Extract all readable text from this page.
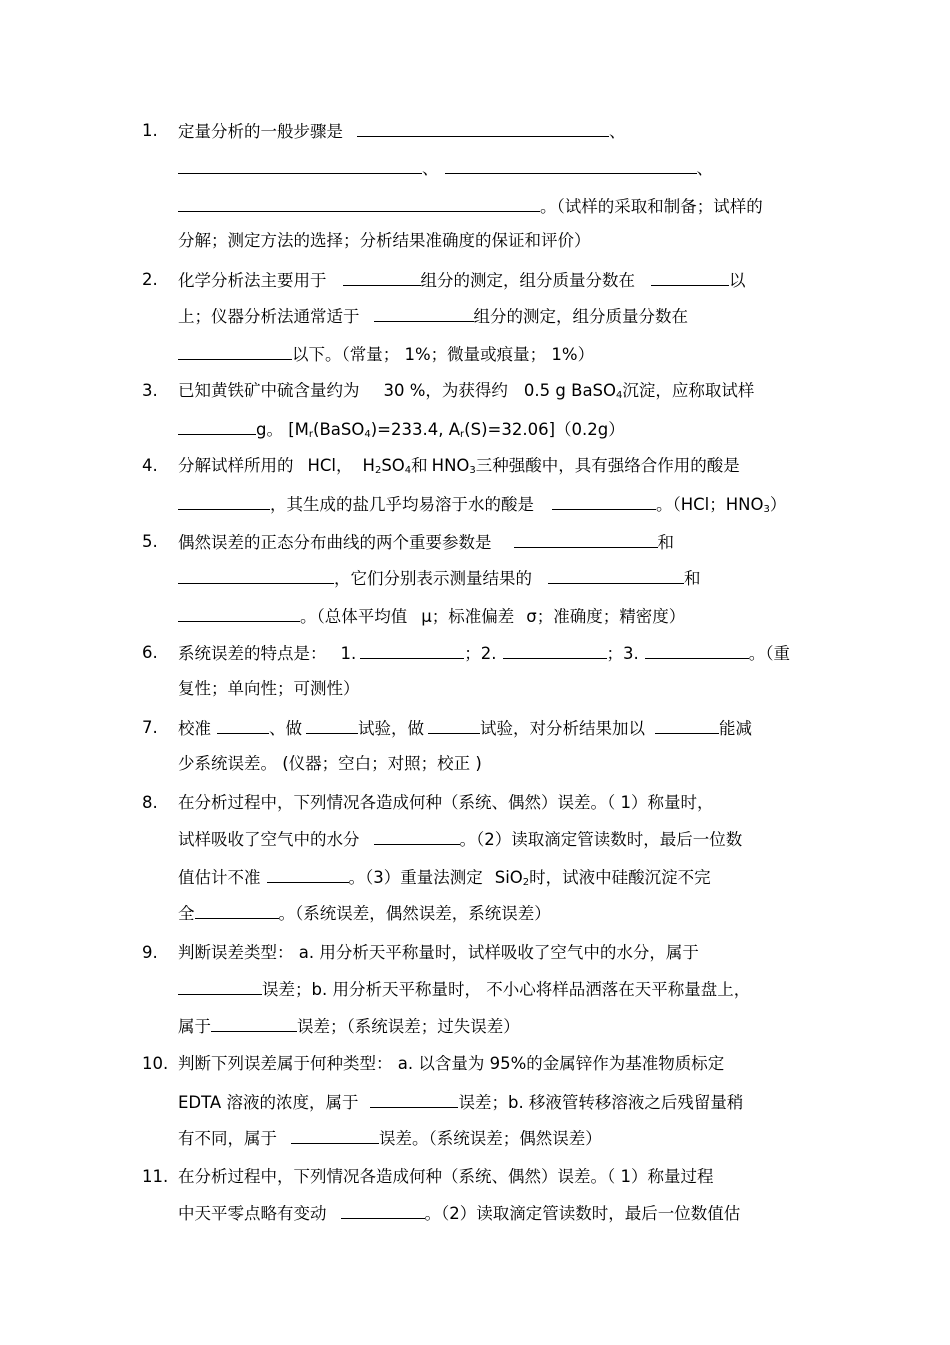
1. 定量分析的一般步骤是	、
、	、
。（试样的采取和制备；试样的
分解；测定方法的选择；分析结果准确度的保证和评价）
2. 化学分析法主要用于	组分的测定，组分质量分数在	以
上；仪器分析法通常适于	组分的测定，组分质量分数在
以下。（常量； 1%；微量或痕量； 1%）
3. 已知黄铁矿中硫含量约为 30 %，为获得约 0.5 g BaSO$_4$沉淀，应称取试样
g。 [$M_r(BaSO_4)=233.4$, $A_r(S)=32.06](0.2g)$
4. 分解试样所用的 HCl， $H_2SO_4$和 $HNO_3$三种强酸中，具有强络合作用的酸是
，其生成的盐几乎均易溶于水的酸是	。（HCl；$HNO_3$）
5. 偶然误差的正态分布曲线的两个重要参数是	和
，它们分别表示测量结果的	和
。（总体平均值 μ；标准偏差 σ；准确度；精密度）
6. 系统误差的特点是： 1.	；2.	；3.	。（重
复性；单向性；可测性）
7. 校准	、做	试验，做	试验，对分析结果加以	能减
少系统误差。 (仪器；空白；对照；校正 )
8. 在分析过程中，下列情况各造成何种（系统、偶然）误差。（ 1）称量时，
试样吸收了空气中的水分	。（2）读取滴定管读数时，最后一位数
值估计不准	。（3）重量法测定 SiO$_2$时，试液中硅酸沉淀不完
全	。（系统误差，偶然误差，系统误差）
9. 判断误差类型： a. 用分析天平称量时，试样吸收了空气中的水分，属于
误差；b. 用分析天平称量时， 不小心将样品洒落在天平称量盘上，
属于	误差；（系统误差；过失误差）
10. 判断下列误差属于何种类型： a. 以含量为 95%的金属锌作为基准物质标定
EDTA 溶液的浓度，属于	误差；b. 移液管转移溶液之后残留量稍
有不同，属于	误差。（系统误差；偶然误差）
11. 在分析过程中，下列情况各造成何种（系统、偶然）误差。（ 1）称量过程
中天平零点略有变动	。（2）读取滴定管读数时，最后一位数值估
